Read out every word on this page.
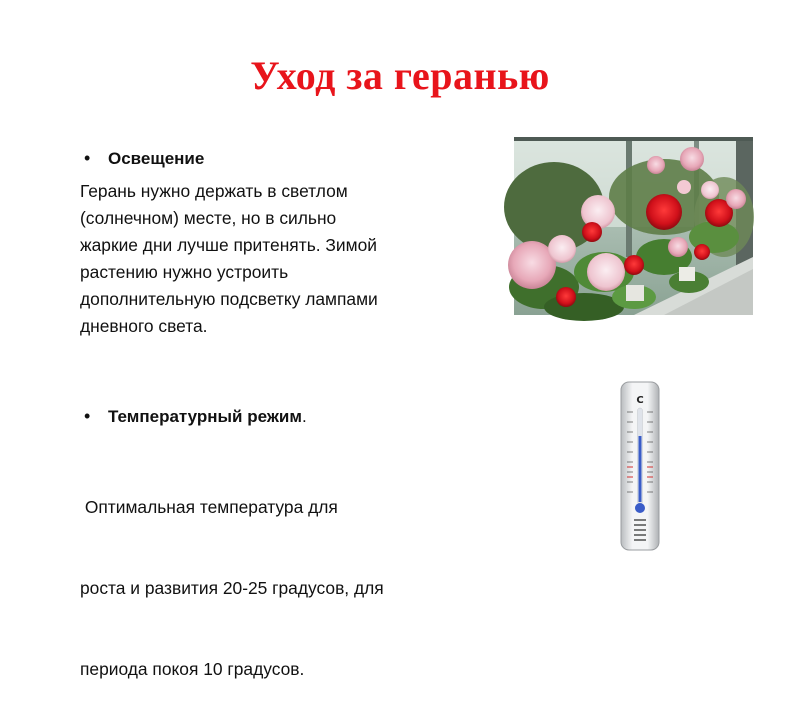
Уход за геранью
•	Освещение
Герань нужно держать в светлом
(солнечном) месте, но в сильно
жаркие дни лучше притенять. Зимой
растению нужно устроить
дополнительную подсветку лампами
дневного света.
•	Температурный режим .

Оптимальная температура для

роста и развития 20-25 градусов, для

периода покоя 10 градусов.

C
